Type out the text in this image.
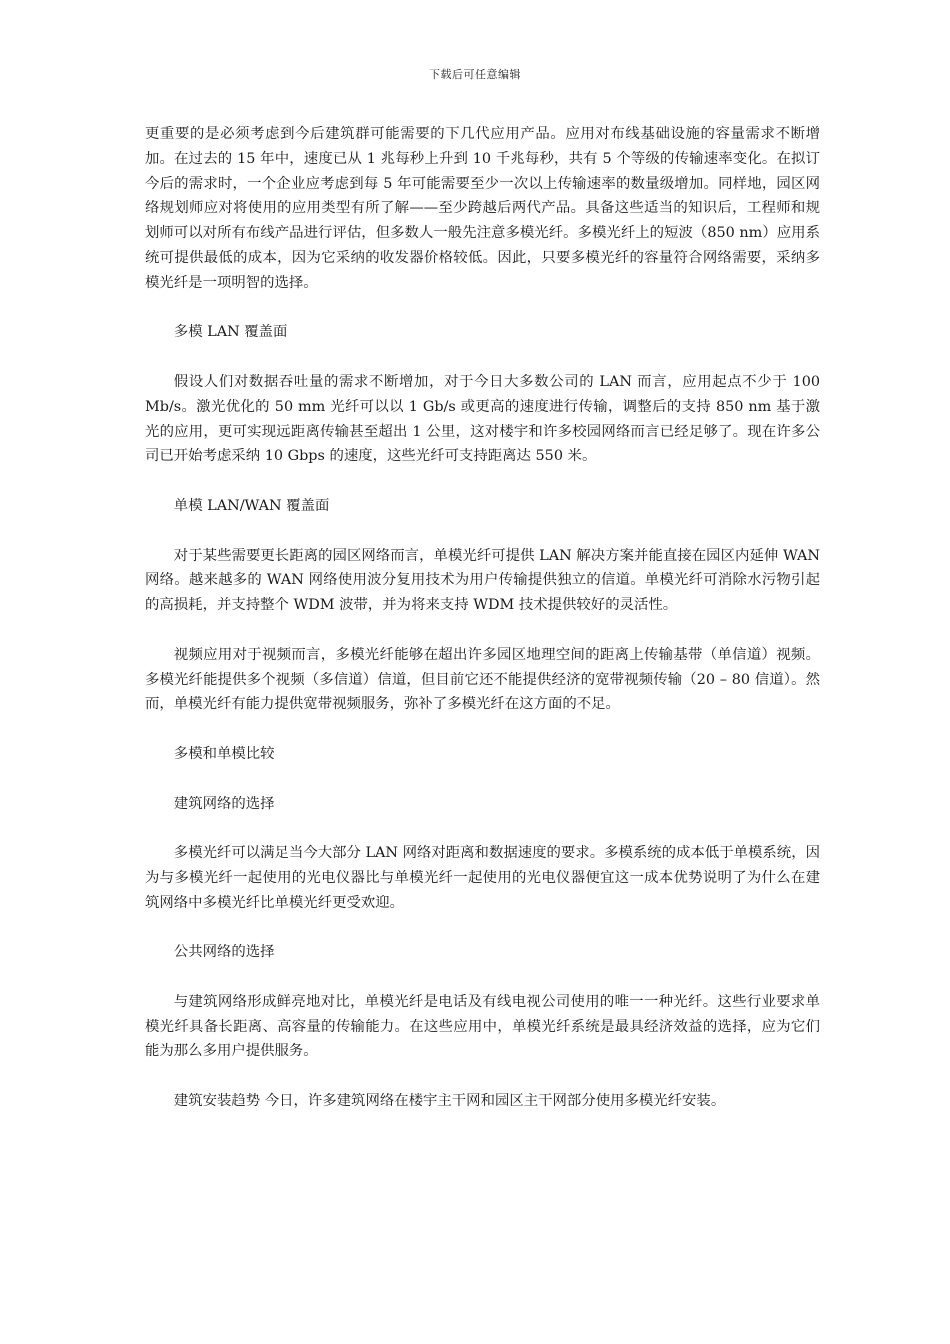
下载后可任意编辑

更重要的是必须考虑到今后建筑群可能需要的下几代应用产品。应用对布线基础设施的容量需求不断增加。在过去的 15 年中，速度已从 1 兆每秒上升到 10 千兆每秒，共有 5 个等级的传输速率变化。在拟订今后的需求时，一个企业应考虑到每 5 年可能需要至少一次以上传输速率的数量级增加。同样地，园区网络规划师应对将使用的应用类型有所了解——至少跨越后两代产品。具备这些适当的知识后，工程师和规划师可以对所有布线产品进行评估，但多数人一般先注意多模光纤。多模光纤上的短波（850 nm）应用系统可提供最低的成本，因为它采纳的收发器价格较低。因此，只要多模光纤的容量符合网络需要，采纳多模光纤是一项明智的选择。

多模 LAN 覆盖面

假设人们对数据吞吐量的需求不断增加，对于今日大多数公司的 LAN 而言，应用起点不少于 100 Mb/s。激光优化的 50 mm 光纤可以以 1 Gb/s 或更高的速度进行传输，调整后的支持 850 nm 基于激光的应用，更可实现远距离传输甚至超出 1 公里，这对楼宇和许多校园网络而言已经足够了。现在许多公司已开始考虑采纳 10 Gbps 的速度，这些光纤可支持距离达 550 米。

单模 LAN/WAN 覆盖面

对于某些需要更长距离的园区网络而言，单模光纤可提供 LAN 解决方案并能直接在园区内延伸 WAN 网络。越来越多的 WAN 网络使用波分复用技术为用户传输提供独立的信道。单模光纤可消除水污物引起的高损耗，并支持整个 WDM 波带，并为将来支持 WDM 技术提供较好的灵活性。

视频应用对于视频而言，多模光纤能够在超出许多园区地理空间的距离上传输基带（单信道）视频。多模光纤能提供多个视频（多信道）信道，但目前它还不能提供经济的宽带视频传输（20 – 80 信道）。然而，单模光纤有能力提供宽带视频服务，弥补了多模光纤在这方面的不足。

多模和单模比较

建筑网络的选择

多模光纤可以满足当今大部分 LAN 网络对距离和数据速度的要求。多模系统的成本低于单模系统，因为与多模光纤一起使用的光电仪器比与单模光纤一起使用的光电仪器便宜这一成本优势说明了为什么在建筑网络中多模光纤比单模光纤更受欢迎。

公共网络的选择

与建筑网络形成鲜亮地对比，单模光纤是电话及有线电视公司使用的唯一一种光纤。这些行业要求单模光纤具备长距离、高容量的传输能力。在这些应用中，单模光纤系统是最具经济效益的选择，应为它们能为那么多用户提供服务。

建筑安装趋势 今日，许多建筑网络在楼宇主干网和园区主干网部分使用多模光纤安装。
